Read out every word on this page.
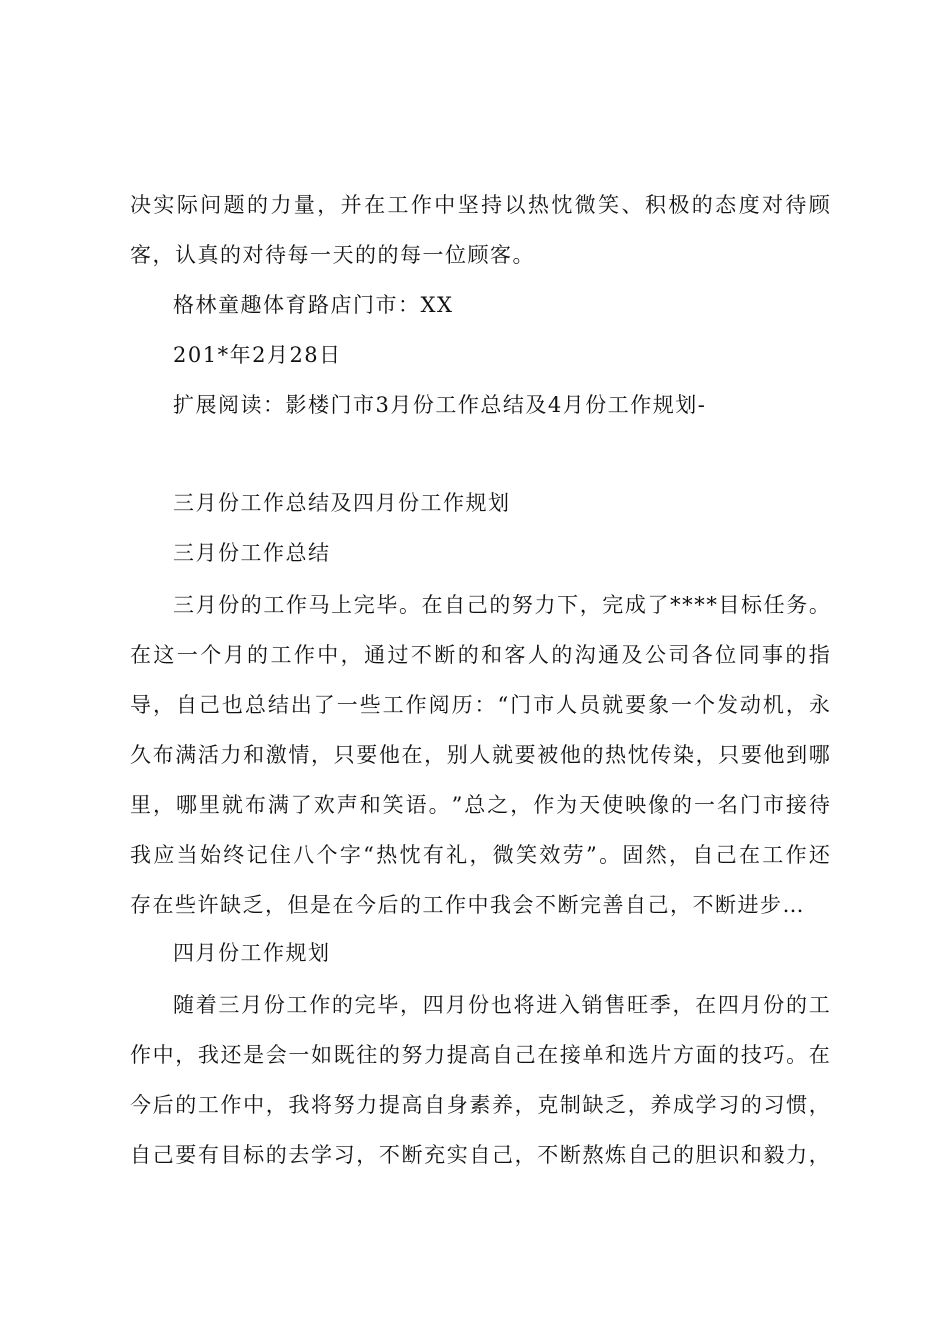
决 实 际 问 题 的 力 量 ， 并 在 工 作 中 坚 持 以 热 忱 微 笑 、 积 极 的 态 度 对 待 顾
客，认真的对待每一天的的每一位顾客。
格林童趣体育路店门市：XX
201*年2月28日
扩展阅读：影楼门市3月份工作总结及4月份工作规划-
三月份工作总结及四月份工作规划
三月份工作总结
三 月 份 的 工 作 马 上 完 毕 。 在 自 己 的 努 力 下 ， 完 成 了 * * * * 目 标 任 务 。
在 这 一 个 月 的 工 作 中 ， 通 过 不 断 的 和 客 人 的 沟 通 及 公 司 各 位 同 事 的 指
导 ， 自 己 也 总 结 出 了 一 些 工 作 阅 历 ： “ 门 市 人 员 就 要 象 一 个 发 动 机 ， 永
久 布 满 活 力 和 激 情 ， 只 要 他 在 ， 别 人 就 要 被 他 的 热 忱 传 染 ， 只 要 他 到 哪
里 ， 哪 里 就 布 满 了 欢 声 和 笑 语 。 ” 总 之 ， 作 为 天 使 映 像 的 一 名 门 市 接 待
我 应 当 始 终 记 住 八 个 字 “ 热 忱 有 礼 ， 微 笑 效 劳 ” 。 固 然 ， 自 己 在 工 作 还
存在些许缺乏，但是在今后的工作中我会不断完善自己，不断进步…
四月份工作规划
随 着 三 月 份 工 作 的 完 毕 ， 四 月 份 也 将 进 入 销 售 旺 季 ， 在 四 月 份 的 工
作 中 ， 我 还 是 会 一 如 既 往 的 努 力 提 高 自 己 在 接 单 和 选 片 方 面 的 技 巧 。 在
今 后 的 工 作 中 ， 我 将 努 力 提 高 自 身 素 养 ， 克 制 缺 乏 ， 养 成 学 习 的 习 惯 ，
自 己 要 有 目 标 的 去 学 习 ， 不 断 充 实 自 己 ， 不 断 熬 炼 自 己 的 胆 识 和 毅 力 ，
